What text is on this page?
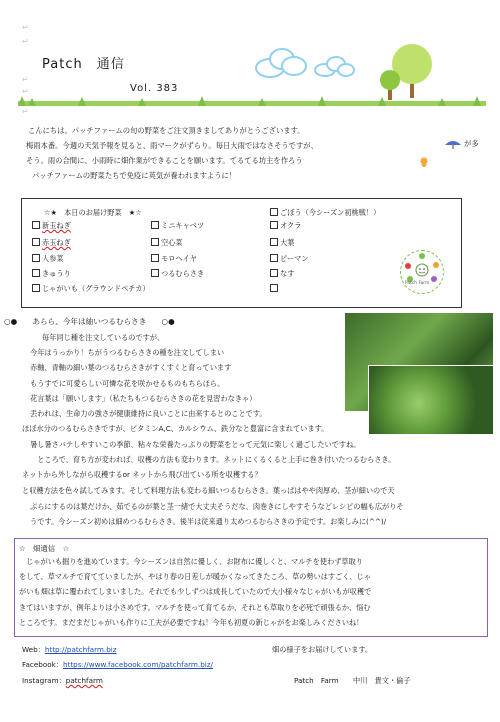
↵
↵
↵
↵
↵
Patch　通信
Vol. 383
こんにちは。パッチファームの旬の野菜をご注文頂きましてありがとうございます。
梅雨本番。今週の天気予報を見ると、雨マークがずらり。毎日大雨ではなさそうですが、
そう。雨の合間に、小雨時に畑作業ができることを願います。てるてる坊主を作ろう
パッチファームの野菜たちで免疫に英気が養われますように！
が多
☆★　本日のお届け野菜　★☆
新玉ねぎ
赤玉ねぎ
人参菜
きゅうり
じゃがいも（グラウンドペチカ）
ミニキャベツ
空心菜
モロヘイヤ
つるむらさき
ごぼう（今シーズン初桃戦！）
オクラ
大葉
ピーマン
なす
Patch Farm
○●　　あらら、今年は紬いつるむらさき　　○●
毎年同じ種を注文しているのですが、
今年はうっかり！ちがうつるむらさきの種を注文してしまい
赤軸、青軸の細い葉のつるむらさきがすくすくと育っています
もうすでに可愛らしい可憐な花を咲かせるものもちらほら。
花言葉は「願いします」（私たちもつるむらさきの花を見習わなきゃ）
丢われは、生命力の強さが健康維持に良いことに由来するとのことです。
ほぼ水分のつるむらさきですが、ビタミンA,C、カルシウム、鉄分なと豊富に含まれています。
暑し暑さバテしやすいこの季節、粘々な栄養たっぷりの野菜をとって元気に楽しく過ごしたいですね。
　ところで、育ち方が変われば、収穫の方法も変わります。ネットにくるくると上手に巻き付いたつるむらさき。
ネットから外しながら収穫するor ネットから飛び出ている所を収穫する？
と収穫方法を色々試してみます。そして料理方法も変わる細いつるむらさき。葉っぱはやや肉厚め、茎が細いので天
ぷらにするのは葉だけか、茹でるのが葉と茎一緒で大丈夫そうだな、肉巻きにしやすそうなどレシピの幅も広がりそ
うです。今シーズン初めは細めつるむらさき。後半は従来通り太めつるむらさきの予定です。お楽しみに(^^)/
☆　畑通信　☆
　じゃがいも掘りを進めています。今シーズンは自然に優しく、お財布に優しくと、マルチを使わず草取り
をして、草マルチで育てていましたが、やはり春の日差しが暖かくなってきたころ、草の勢いはすごく、じゃ
がいも畑は草に覆われてしまいました。それでも少しずつは成長していたので大小様々なじゃがいもが収穫で
きてはいますが、例年よりは小さめです。マルチを使って育てるか、それとも草取りを必死で頑張るか、悩む
ところです。まだまだじゃがいも作りに工夫が必要ですね！今年も初夏の新じゃがをお楽しみくださいね！
Web：http://patchfarm.biz	畑の様子をお届けしています。
Facebook：https://www.facebook.com/patchfarm.biz/
Instagram：patchfarm	Patch　Farm　　中川　貴文・倫子
